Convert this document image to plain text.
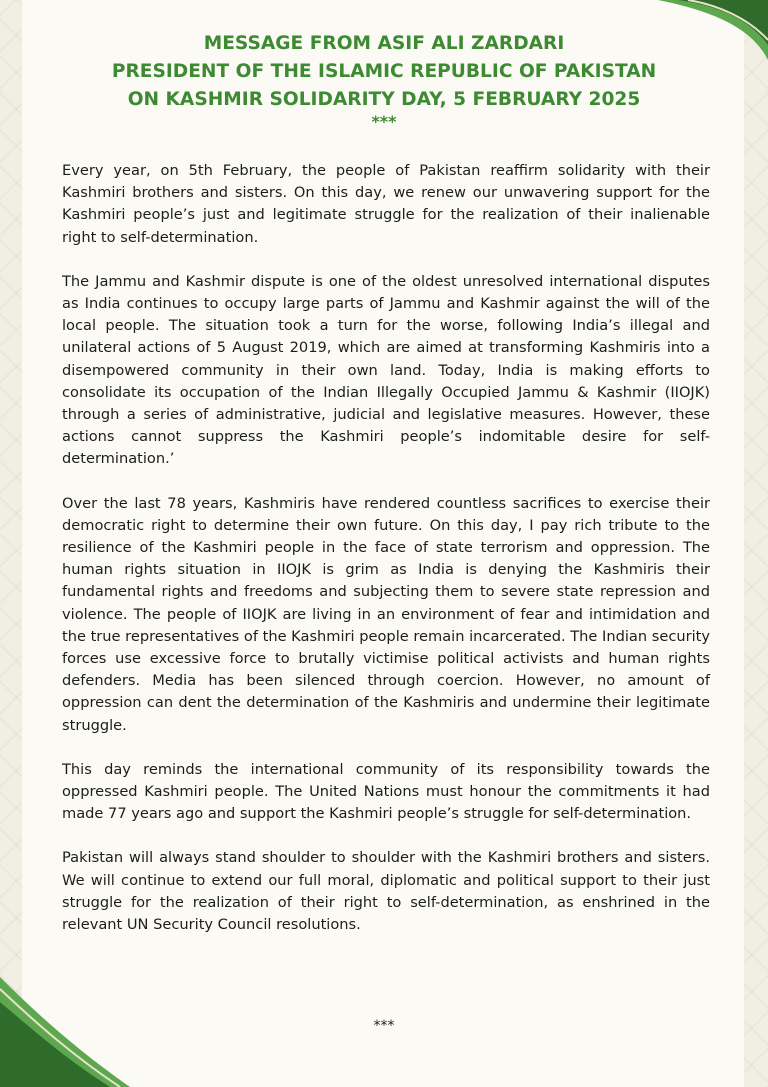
MESSAGE FROM ASIF ALI ZARDARI
PRESIDENT OF THE ISLAMIC REPUBLIC OF PAKISTAN
ON KASHMIR SOLIDARITY DAY, 5 FEBRUARY 2025
***

Every year, on 5th February, the people of Pakistan reaffirm solidarity with their Kashmiri brothers and sisters. On this day, we renew our unwavering support for the Kashmiri people’s just and legitimate struggle for the realization of their inalienable right to self-determination.

The Jammu and Kashmir dispute is one of the oldest unresolved international disputes as India continues to occupy large parts of Jammu and Kashmir against the will of the local people. The situation took a turn for the worse, following India’s illegal and unilateral actions of 5 August 2019, which are aimed at transforming Kashmiris into a disempowered community in their own land. Today, India is making efforts to consolidate its occupation of the Indian Illegally Occupied Jammu & Kashmir (IIOJK) through a series of administrative, judicial and legislative measures. However, these actions cannot suppress the Kashmiri people’s indomitable desire for self-determination.’

Over the last 78 years, Kashmiris have rendered countless sacrifices to exercise their democratic right to determine their own future. On this day, I pay rich tribute to the resilience of the Kashmiri people in the face of state terrorism and oppression. The human rights situation in IIOJK is grim as India is denying the Kashmiris their fundamental rights and freedoms and subjecting them to severe state repression and violence. The people of IIOJK are living in an environment of fear and intimidation and the true representatives of the Kashmiri people remain incarcerated. The Indian security forces use excessive force to brutally victimise political activists and human rights defenders. Media has been silenced through coercion. However, no amount of oppression can dent the determination of the Kashmiris and undermine their legitimate struggle.

This day reminds the international community of its responsibility towards the oppressed Kashmiri people. The United Nations must honour the commitments it had made 77 years ago and support the Kashmiri people’s struggle for self-determination.

Pakistan will always stand shoulder to shoulder with the Kashmiri brothers and sisters. We will continue to extend our full moral, diplomatic and political support to their just struggle for the realization of their right to self-determination, as enshrined in the relevant UN Security Council resolutions.

***
